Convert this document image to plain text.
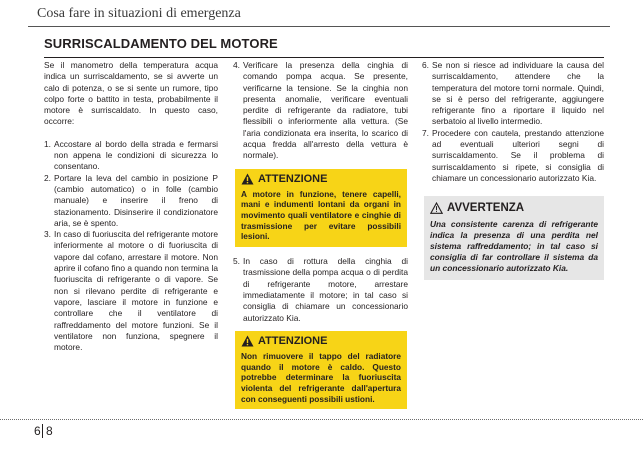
Cosa fare in situazioni di emergenza
SURRISCALDAMENTO DEL MOTORE

Se il manometro della temperatura acqua indica un surriscaldamento, se si avverte un calo di potenza, o se si sente un rumore, tipo colpo forte o battito in testa, probabilmente il motore è surriscaldato. In questo caso, occorre:

1. Accostare al bordo della strada e fermarsi non appena le condizioni di sicurezza lo consentano.
2. Portare la leva del cambio in posizione P (cambio automatico) o in folle (cambio manuale) e inserire il freno di stazionamento. Disinserire il condizionatore aria, se è spento.
3. In caso di fuoriuscita del refrigerante motore inferiormente al motore o di fuoriuscita di vapore dal cofano, arrestare il motore. Non aprire il cofano fino a quando non termina la fuoriuscita di refrigerante o di vapore. Se non si rilevano perdite di refrigerante e vapore, lasciare il motore in funzione e controllare che il ventilatore di raffreddamento del motore funzioni. Se il ventilatore non funziona, spegnere il motore.
4. Verificare la presenza della cinghia di comando pompa acqua. Se presente, verificarne la tensione. Se la cinghia non presenta anomalie, verificare eventuali perdite di refrigerante da radiatore, tubi flessibili o inferiormente alla vettura. (Se l'aria condizionata era inserita, lo scarico di acqua fredda all'arresto della vettura è normale).
ATTENZIONE
A motore in funzione, tenere capelli, mani e indumenti lontani da organi in movimento quali ventilatore e cinghie di trasmissione per evitare possibili lesioni.
5. In caso di rottura della cinghia di trasmissione della pompa acqua o di perdita di refrigerante motore, arrestare immediatamente il motore; in tal caso si consiglia di chiamare un concessionario autorizzato Kia.
ATTENZIONE
Non rimuovere il tappo del radiatore quando il motore è caldo. Questo potrebbe determinare la fuoriuscita violenta del refrigerante dall'apertura con conseguenti possibili ustioni.
6. Se non si riesce ad individuare la causa del surriscaldamento, attendere che la temperatura del motore torni normale. Quindi, se si è perso del refrigerante, aggiungere refrigerante fino a riportare il liquido nel serbatoio al livello intermedio.
7. Procedere con cautela, prestando attenzione ad eventuali ulteriori segni di surriscaldamento. Se il problema di surriscaldamento si ripete, si consiglia di chiamare un concessionario autorizzato Kia.
AVVERTENZA
Una consistente carenza di refrigerante indica la presenza di una perdita nel sistema raffreddamento; in tal caso si consiglia di far controllare il sistema da un concessionario autorizzato Kia.
6 8
